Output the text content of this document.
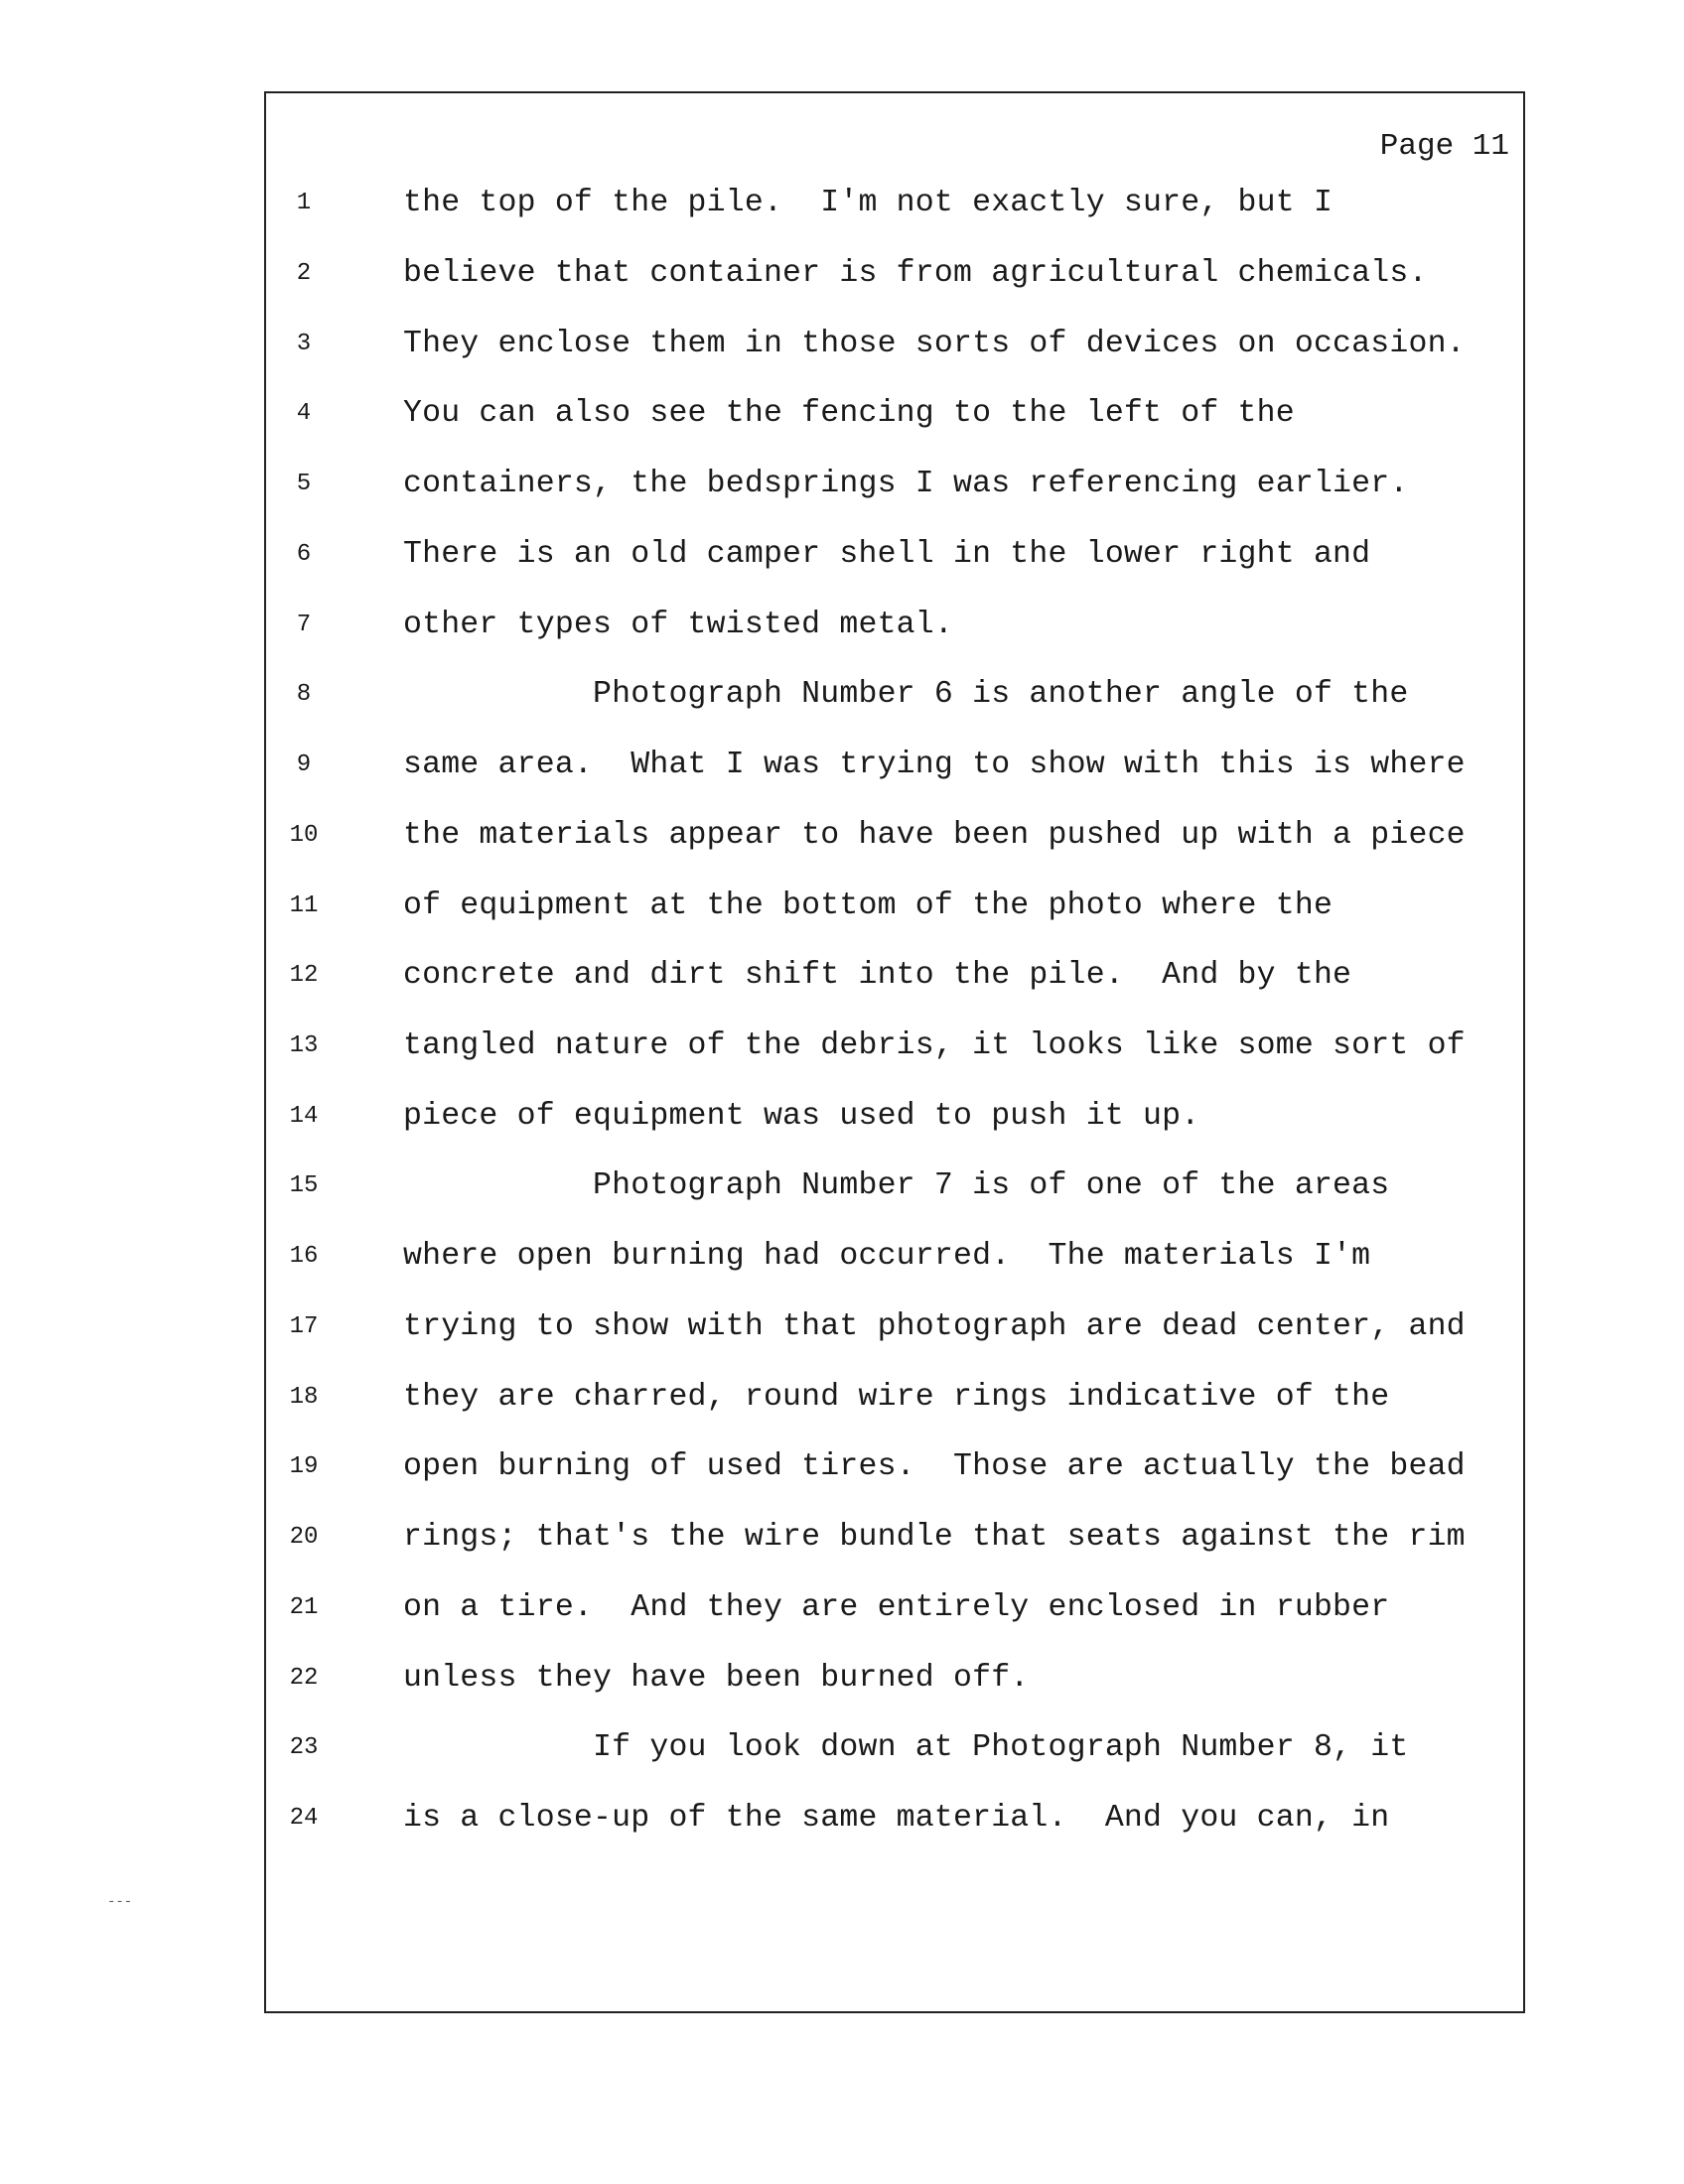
Page 11
---
1	the top of the pile.  I'm not exactly sure, but I
2	believe that container is from agricultural chemicals.
3	They enclose them in those sorts of devices on occasion.
4	You can also see the fencing to the left of the
5	containers, the bedsprings I was referencing earlier.
6	There is an old camper shell in the lower right and
7	other types of twisted metal.
8	Photograph Number 6 is another angle of the
9	same area.  What I was trying to show with this is where
10	the materials appear to have been pushed up with a piece
11	of equipment at the bottom of the photo where the
12	concrete and dirt shift into the pile.  And by the
13	tangled nature of the debris, it looks like some sort of
14	piece of equipment was used to push it up.
15	Photograph Number 7 is of one of the areas
16	where open burning had occurred.  The materials I'm
17	trying to show with that photograph are dead center, and
18	they are charred, round wire rings indicative of the
19	open burning of used tires.  Those are actually the bead
20	rings; that's the wire bundle that seats against the rim
21	on a tire.  And they are entirely enclosed in rubber
22	unless they have been burned off.
23	If you look down at Photograph Number 8, it
24	is a close-up of the same material.  And you can, in
